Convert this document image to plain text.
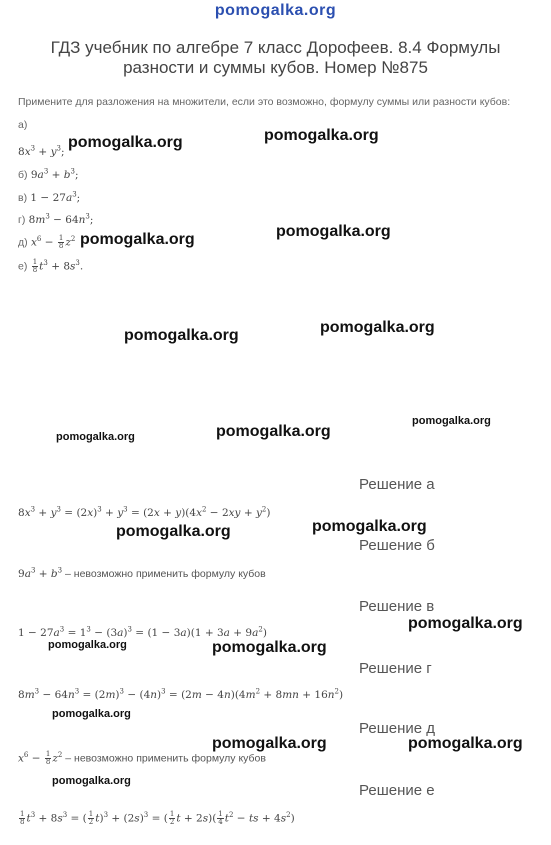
pomogalka.org
ГДЗ учебник по алгебре 7 класс Дорофеев. 8.4 Формулы разности и суммы кубов. Номер №875
Примените для разложения на множители, если это возможно, формулу суммы или разности кубов:
а)
$8x^3 + y^3$;
б) $9a^3 + b^3$;
в) $1 - 27a^3$;
г) $8m^3 - 64n^3$;
д) $x^6 - \frac{1}{8} z^2$
$е) \frac{1}{8} t^3 + 8s^3$.
Решение а
$8x^3 + y^3 = (2x)^3 + y^3 = (2x + y)(4x^2 - 2xy + y^2)$
Решение б
$9a^3 + b^3$ – невозможно применить формулу кубов
Решение в
$1 - 27a^3 = 1^3 - (3a)^3 = (1 - 3a)(1 + 3a + 9a^2)$
Решение г
$8m^3 - 64n^3 = (2m)^3 - (4n)^3 = (2m - 4n)(4m^2 + 8mn + 16n^2)$
Решение д
$x^6 - \frac{1}{8} z^2$ – невозможно применить формулу кубов
Решение е
$\frac{1}{8} t^3 + 8s^3$ = ( $\frac{1}{2} t)^3 + (2s)^3$ = ( $\frac{1}{2}$ $t + 2s)( \frac{1}{4} t^2$ − ts + $4s^2$)
pomogalka.org	pomogalka.org
pomogalka.org	pomogalka.org
pomogalka.org	pomogalka.org
pomogalka.org	pomogalka.org
pomogalka.org
pomogalka.org	pomogalka.org
pomogalka.org
pomogalka.org	pomogalka.org
pomogalka.org
pomogalka.org	pomogalka.org
pomogalka.org
